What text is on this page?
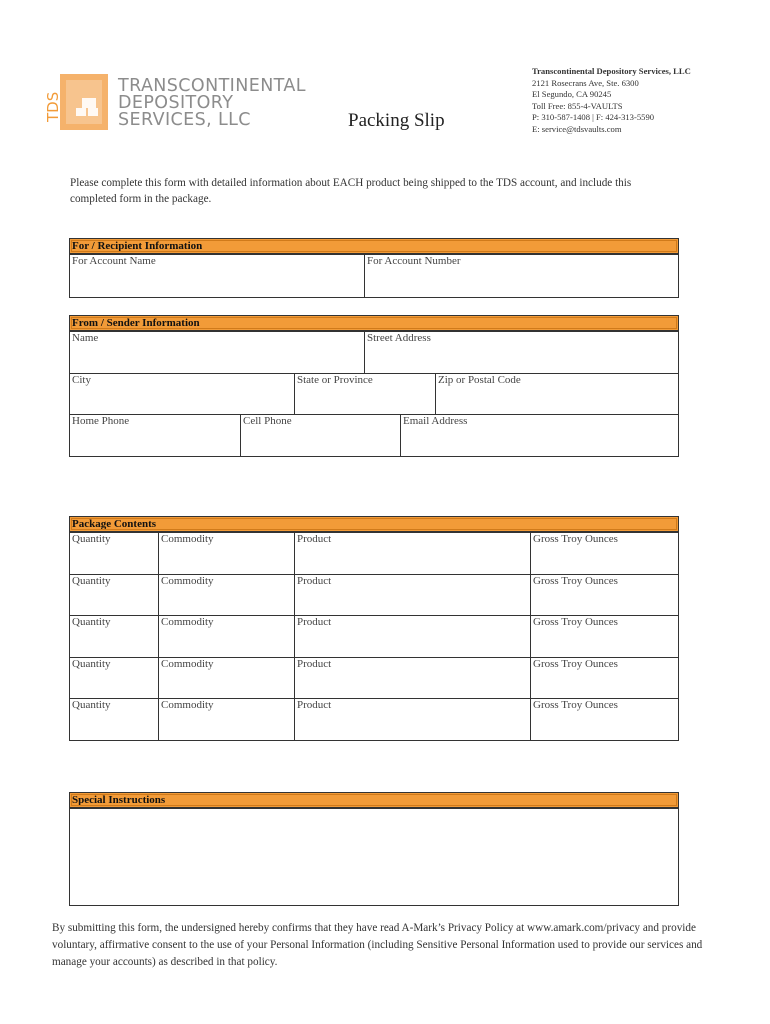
TDS
TRANSCONTINENTAL
DEPOSITORY
SERVICES, LLC	Packing Slip
Transcontinental Depository Services, LLC
2121 Rosecrans Ave, Ste. 6300
El Segundo, CA 90245
Toll Free: 855-4-VAULTS
P: 310-587-1408 | F: 424-313-5590
E: service@tdsvaults.com
Please complete this form with detailed information about EACH product being shipped to the TDS account, and include this completed form in the package.
For / Recipient Information
For Account Name	For Account Number
From / Sender Information
Name	Street Address
City	State or Province	Zip or Postal Code
Home Phone	Cell Phone	Email Address
Package Contents
Quantity	Commodity	Product	Gross Troy Ounces
Quantity	Commodity	Product	Gross Troy Ounces
Quantity	Commodity	Product	Gross Troy Ounces
Quantity	Commodity	Product	Gross Troy Ounces
Quantity	Commodity	Product	Gross Troy Ounces
Special Instructions
By submitting this form, the undersigned hereby confirms that they have read A-Mark’s Privacy Policy at www.amark.com/privacy and provide voluntary, affirmative consent to the use of your Personal Information (including Sensitive Personal Information used to provide our services and manage your accounts) as described in that policy.
